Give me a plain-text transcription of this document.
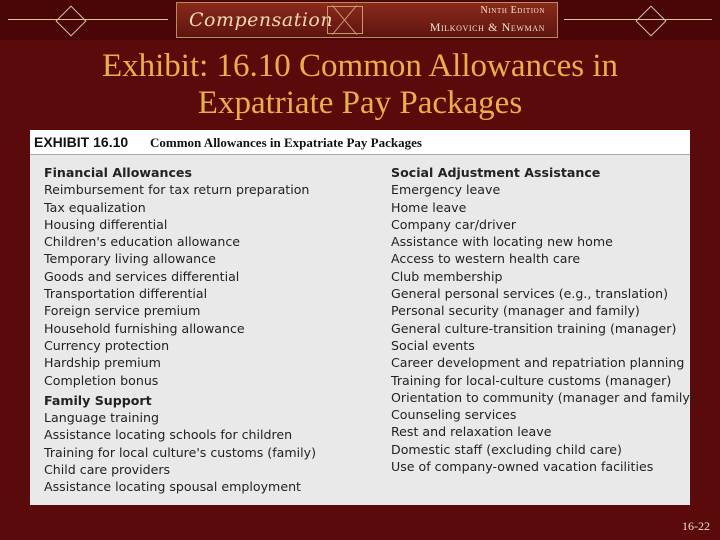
Compensation	Ninth Edition
Milkovich & Newman
Exhibit: 16.10 Common Allowances in
Expatriate Pay Packages
EXHIBIT 16.10 Common Allowances in Expatriate Pay Packages
Financial Allowances
Reimbursement for tax return preparation
Tax equalization
Housing differential
Children's education allowance
Temporary living allowance
Goods and services differential
Transportation differential
Foreign service premium
Household furnishing allowance
Currency protection
Hardship premium
Completion bonus
Family Support
Language training
Assistance locating schools for children
Training for local culture's customs (family)
Child care providers
Assistance locating spousal employment
Social Adjustment Assistance
Emergency leave
Home leave
Company car/driver
Assistance with locating new home
Access to western health care
Club membership
General personal services (e.g., translation)
Personal security (manager and family)
General culture-transition training (manager)
Social events
Career development and repatriation planning
Training for local-culture customs (manager)
Orientation to community (manager and family)
Counseling services
Rest and relaxation leave
Domestic staff (excluding child care)
Use of company-owned vacation facilities
16-22
